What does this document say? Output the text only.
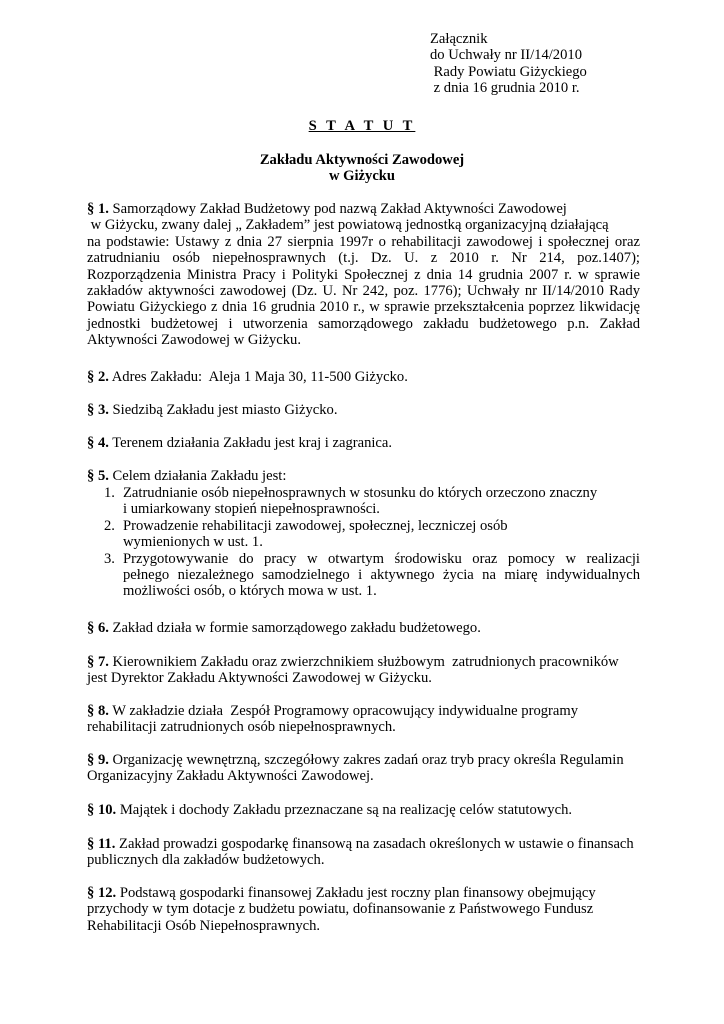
Załącznik
do Uchwały nr II/14/2010
Rady Powiatu Giżyckiego
z dnia 16 grudnia 2010 r.
S T A T U T
Zakładu Aktywności Zawodowej
w Giżycku
§ 1. Samorządowy Zakład Budżetowy pod nazwą Zakład Aktywności Zawodowej
w Giżycku, zwany dalej „ Zakładem” jest powiatową jednostką organizacyjną działającą
na podstawie: Ustawy z dnia 27 sierpnia 1997r o rehabilitacji zawodowej i społecznej oraz
zatrudnianiu osób niepełnosprawnych (t.j. Dz. U. z 2010 r. Nr 214, poz.1407);
Rozporządzenia Ministra Pracy i Polityki Społecznej z dnia 14 grudnia 2007 r. w sprawie
zakładów aktywności zawodowej (Dz. U. Nr 242, poz. 1776); Uchwały nr II/14/2010 Rady
Powiatu Giżyckiego z dnia 16 grudnia 2010 r., w sprawie przekształcenia poprzez likwidację
jednostki budżetowej i utworzenia samorządowego zakładu budżetowego p.n. Zakład
Aktywności Zawodowej w Giżycku.
§ 2. Adres Zakładu:  Aleja 1 Maja 30, 11-500 Giżycko.
§ 3. Siedzibą Zakładu jest miasto Giżycko.
§ 4. Terenem działania Zakładu jest kraj i zagranica.
§ 5. Celem działania Zakładu jest:
1. Zatrudnianie osób niepełnosprawnych w stosunku do których orzeczono znaczny
i umiarkowany stopień niepełnosprawności.
2. Prowadzenie rehabilitacji zawodowej, społecznej, leczniczej osób
wymienionych w ust. 1.
3. Przygotowywanie do pracy w otwartym środowisku oraz pomocy w realizacji
pełnego niezależnego samodzielnego i aktywnego życia na miarę indywidualnych
możliwości osób, o których mowa w ust. 1.
§ 6. Zakład działa w formie samorządowego zakładu budżetowego.
§ 7. Kierownikiem Zakładu oraz zwierzchnikiem służbowym  zatrudnionych pracowników
jest Dyrektor Zakładu Aktywności Zawodowej w Giżycku.
§ 8. W zakładzie działa  Zespół Programowy opracowujący indywidualne programy
rehabilitacji zatrudnionych osób niepełnosprawnych.
§ 9. Organizację wewnętrzną, szczegółowy zakres zadań oraz tryb pracy określa Regulamin
Organizacyjny Zakładu Aktywności Zawodowej.
§ 10. Majątek i dochody Zakładu przeznaczane są na realizację celów statutowych.
§ 11. Zakład prowadzi gospodarkę finansową na zasadach określonych w ustawie o finansach
publicznych dla zakładów budżetowych.
§ 12. Podstawą gospodarki finansowej Zakładu jest roczny plan finansowy obejmujący
przychody w tym dotacje z budżetu powiatu, dofinansowanie z Państwowego Fundusz
Rehabilitacji Osób Niepełnosprawnych.
